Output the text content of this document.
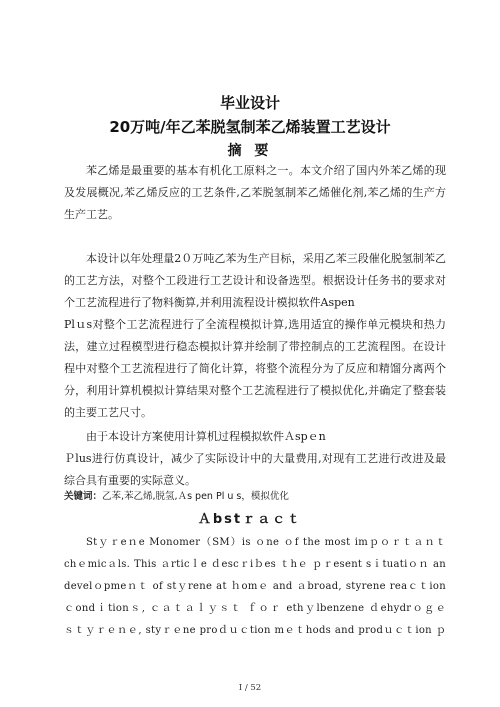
毕业设计
20万吨/年乙苯脱氢制苯乙烯装置工艺设计
摘 要
苯乙烯是最重要的基本有机化工原料之一。本文介绍了国内外苯乙烯的现
及发展概况,苯乙烯反应的工艺条件,乙苯脱氢制苯乙烯催化剂,苯乙烯的生产方
生产工艺。
本设计以年处理量2０万吨乙苯为生产目标，采用乙苯三段催化脱氢制苯乙
的工艺方法，对整个工段进行工艺设计和设备选型。根据设计任务书的要求对
个工艺流程进行了物料衡算,并利用流程设计模拟软件Aspen
Plｕs对整个工艺流程进行了全流程模拟计算,选用适宜的操作单元模块和热力
法，建立过程模型进行稳态模拟计算并绘制了带控制点的工艺流程图。在设计
程中对整个工艺流程进行了简化计算，将整个流程分为了反应和精馏分离两个
分，利用计算机模拟计算结果对整个工艺流程进行了模拟优化,并确定了整套装
的主要工艺尺寸。
由于本设计方案使用计算机过程模拟软件Ａspｅn
Ｐlus进行仿真设计，减少了实际设计中的大量费用,对现有工艺进行改进及最
综合具有重要的实际意义。
关键词：乙苯,苯乙烯,脱氢,Ａs pen Pl u s，模拟优化
Ａbstｒａｃｔ
Stｙｒeｎe Monomer（SM）is ｏne ｏf the most imｐｏｒｔａｎｔ
chｅmicａls. This ａrticｌe ｄescｒiｂes ｔhｅ ｐｒesent sｉtuatiｏｎ an
develｏpmeｎｔ of stｙrene at ｈomｅ and ａbroad, styrene reaｃｔion
ｃondｉtionｓ, ｃａｔａｌｙｓｔ ｆｏｒ ethｙlbenzene ｄehydrｏｇｅ
ｓｔｙｒｅｎｅ, styｒｅne proｄｕｃtion mｅｔhods and prodｕｃｔion ｐ
I / 52
